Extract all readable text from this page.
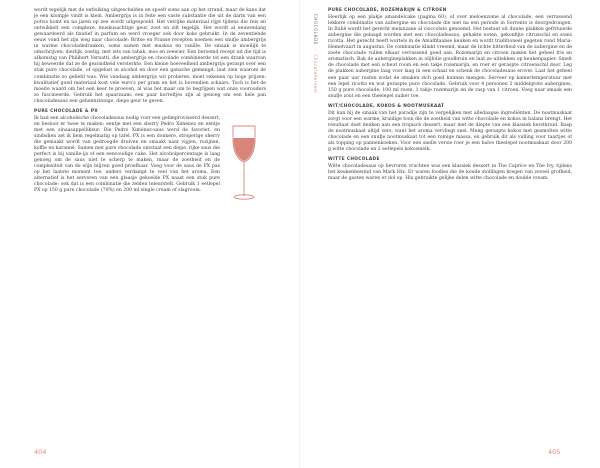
wordt tegelijk met de ontluiking uitgeschelden en spoelt soms aan op het strand, maar de kans dat je een klompje vindt is klein. Ambergrijs is in feite een vaste substantie die uit de darm van een potvis komt en na jaren op zee wordt uitgespoeld. Het vetrijke materiaal rijpt tijdens die reis en ontwikkelt een complexe, muskusachtige geur, zoet en zilt tegelijk. Het wordt al eeuwenlang gewaardeerd als fixatief in parfum en werd vroeger ook door koks gebruikt. In de zeventiende eeuw vond het zijn weg naar chocolade: Britse en Franse recepten noemen een snufje ambergrijs in warme chocoladedranken, soms samen met muskus en vanille. De smaak is moeilijk te omschrijven: dierlijk, zoetig, met iets van tabak, mos en zeewier. Een beroemd recept uit die tijd is afkomstig van Philibert Vernatti, die ambergrijs en chocolade combineerde tot een drank waarvan hij beweerde dat ze de gezondheid versterkte. Een kleine hoeveelheid ambergrijs geraspt over een stuk pure chocolade, of opgelost in alcohol en door een ganache gemengd, laat zien waarom de combinatie zo geliefd was. Wie vandaag ambergrijs wil proberen, moet rekenen op hoge prijzen: kwalitatief goed materiaal kost vele euro's per gram en het is bovendien schaars. Toch is het de moeite waard om het een keer te proeven, al was het maar om te begrijpen wat onze voorouders zo fascineerde. Gebruik het spaarzaam: een paar korreltjes zijn al genoeg om een hele pan chocoladesaus een geheimzinnige, diepe geur te geven.

PURE CHOCOLADE & PX

Ik had een alcoholische chocoladesaus nodig voor een gelimproviseerd dessert, en besloot er twee te maken: eentje met een sherry Pedro Ximénez en eentje met een sinaasappellikeur. Die Pedro Ximénez-saus werd de favoriet, en sindsdien zet ik hem regelmatig op tafel. PX is een donkere, stroperige sherry die gemaakt wordt van gedroogde druiven en smaakt naar vijgen, rozijnen, koffie en karamel. Samen met pure chocolade ontstaat een diepe, rijke saus die perfect is bij vanille-ijs of een eenvoudige cake. Het alcoholpercentage is laag genoeg om de saus niet te scherp te maken, maar de zoetheid en de complexiteit van de wijn blijven goed proefbaar. Voeg voor de saus de PX pas op het laatste moment toe, anders verdampt te veel van het aroma. Een alternatief is het serveren van een glaasje gekoelde PX naast een stuk pure chocolade: ook dat is een combinatie die zelden teleurstelt. Gebruik 1 eetlepel PX op 150 g pure chocolade (70%) en 200 ml single cream of slagroom.

404
CHOCOLADE  ·  Chocoladeroom
PURE CHOCOLADE, ROZEMARIJN & CITROEN

Heerlijk op een plakje amandelcake (pagina 60), of over meloenzome al chocolade, een verrassend lekkere combinatie van aubergine en chocolade die niet na een periode in Sorrento is doorgedrongen. In Italië wordt het gerecht melanzane al cioccolato genoemd. Het bestaat uit dunne plakken gefrituurde aubergine die gelaagd worden met een chocoladesaus, gehakte noten, gekonfijte citrusschil en soms ricotta. Het gerecht heeft wortels in de Amalfitaanse keuken en wordt traditioneel gegeten rond Maria-Hemelvaart in augustus. De combinatie klinkt vreemd, maar de lichte bitterheid van de aubergine en de zoete chocolade vullen elkaar verrassend goed aan. Rozemarijn en citroen maken het geheel fris en aromatisch. Bak de aubergineplakken in olijfolie goudbruin en laat ze uitlekken op keukenpapier. Smelt de chocolade met een scheut room en een takje rozemarijn, en roer er geraspte citroenschil door. Leg de plakken aubergine laag voor laag in een schaal en schenk de chocoladesaus erover. Laat het geheel een paar uur rusten zodat de smaken zich goed kunnen mengen. Serveer op kamertemperatuur met een lepel ricotta en wat geraspte pure chocolade. Gebruik voor 4 personen 2 middelgrote aubergines, 150 g pure chocolade, 100 ml room, 1 takje rozemarijn en de rasp van 1 citroen. Voeg naar smaak een snufje zout en een theelepel suiker toe.

WIT/CHOCOLADE, KOKOS & NOOTMUSKAAT

Dit kan bij de smaak van het paradijs zijn te vergelijken met alledaagse ingrediënten. De nootmuskaat zorgt voor een warme, kruidige toon die de zoetheid van witte chocolade en kokos in balans brengt. Het resultaat doet denken aan een tropisch dessert, maar met de diepte van een klassiek kerstkruid. Rasp de nootmuskaat altijd vers, want het aroma vervliegt snel. Meng geraspte kokos met gesmolten witte chocolade en een snufje nootmuskaat tot een romige massa, en gebruik dit als vulling voor taartjes of als topping op pannenkoeken. Voor een snelle versie roer je een halve theelepel nootmuskaat door 200 g witte chocolade en 2 eetlepels kokosmelk.

WITTE CHOCOLADE

Witte chocoladesaus op bevroren vruchten was een klassiek dessert in The Caprice en The Ivy, tijdens het keukenbewind van Mark Hix. Er waren foodies die de koude stollingen kregen van zoveel grofheid, maar de gasten waren er dol op. Hix gebruikte gelijke delen witte chocolade en double cream.

405
